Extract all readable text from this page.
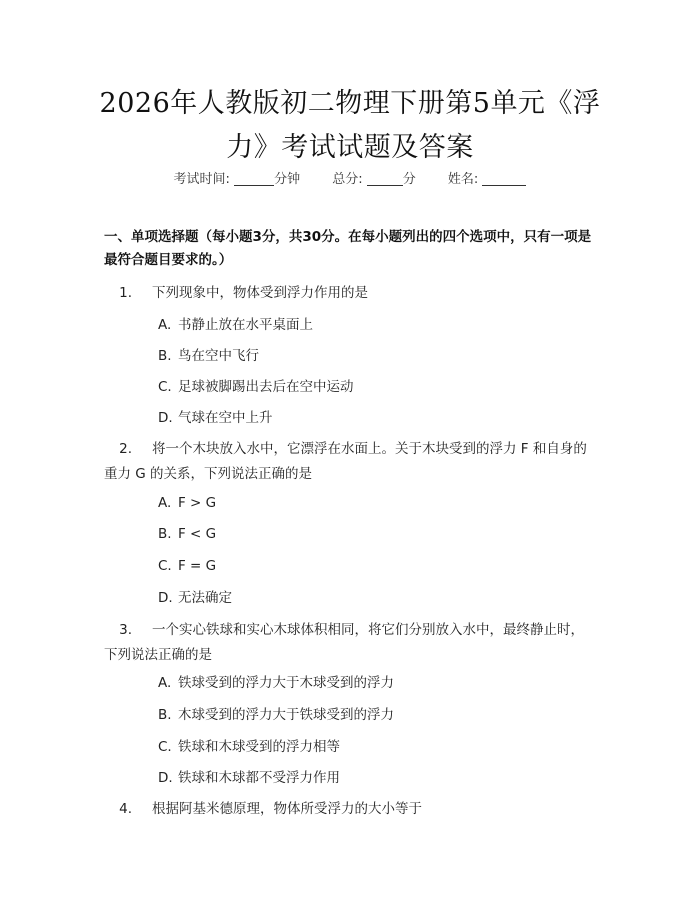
2026年人教版初二物理下册第5单元《浮
力》考试试题及答案
考试时间:	分钟 总分:	分 姓名:
一、单项选择题（每小题3分，共30分。在每小题列出的四个选项中，只有一项是最符合题目要求的。）
1. 下列现象中，物体受到浮力作用的是
A. 书静止放在水平桌面上
B. 鸟在空中飞行
C. 足球被脚踢出去后在空中运动
D. 气球在空中上升
2. 将一个木块放入水中，它漂浮在水面上。关于木块受到的浮力 F 和自身的重力 G 的关系，下列说法正确的是
A. F > G
B. F < G
C. F = G
D. 无法确定
3. 一个实心铁球和实心木球体积相同，将它们分别放入水中，最终静止时，下列说法正确的是
A. 铁球受到的浮力大于木球受到的浮力
B. 木球受到的浮力大于铁球受到的浮力
C. 铁球和木球受到的浮力相等
D. 铁球和木球都不受浮力作用
4. 根据阿基米德原理，物体所受浮力的大小等于
